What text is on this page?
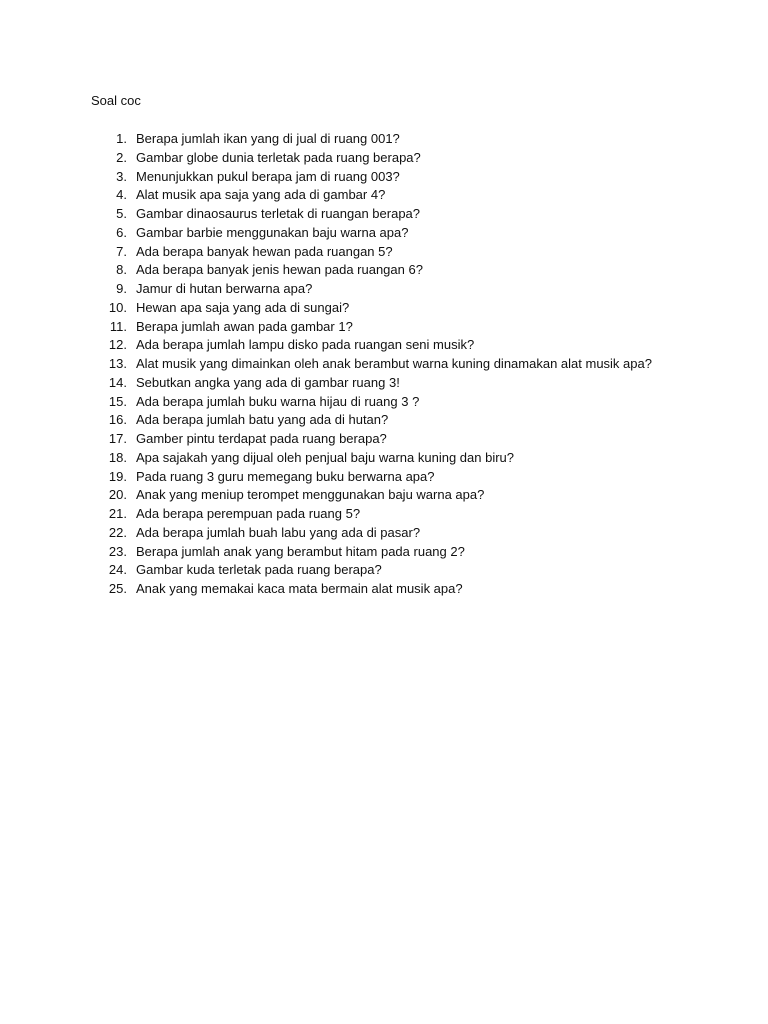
Soal coc
1. Berapa jumlah ikan yang di jual di ruang 001?
2. Gambar globe dunia terletak pada ruang berapa?
3. Menunjukkan pukul berapa jam di ruang 003?
4. Alat musik apa saja yang ada di gambar 4?
5. Gambar dinaosaurus terletak di ruangan berapa?
6. Gambar barbie menggunakan baju warna apa?
7. Ada berapa banyak hewan pada ruangan 5?
8. Ada berapa banyak jenis hewan pada ruangan 6?
9. Jamur di hutan berwarna apa?
10. Hewan apa saja yang ada di sungai?
11. Berapa jumlah awan pada gambar 1?
12. Ada berapa jumlah lampu disko pada ruangan seni musik?
13. Alat musik yang dimainkan oleh anak berambut warna kuning dinamakan alat musik apa?
14. Sebutkan angka yang ada di gambar ruang 3!
15. Ada berapa jumlah buku warna hijau di ruang 3 ?
16. Ada berapa jumlah batu yang ada di hutan?
17. Gamber pintu terdapat pada ruang berapa?
18. Apa sajakah yang dijual oleh penjual baju warna kuning dan biru?
19. Pada ruang 3 guru memegang buku berwarna apa?
20. Anak yang meniup terompet menggunakan baju warna apa?
21. Ada berapa perempuan pada ruang 5?
22. Ada berapa jumlah buah labu yang ada di pasar?
23. Berapa jumlah anak yang berambut hitam pada ruang 2?
24. Gambar kuda terletak pada ruang berapa?
25. Anak yang memakai kaca mata bermain alat musik apa?
